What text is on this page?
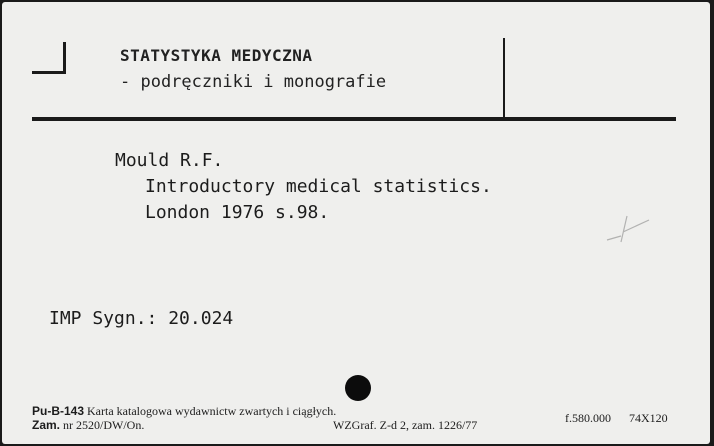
STATYSTYKA MEDYCZNA
- podręczniki i monografie
Mould R.F.
Introductory medical statistics.
London 1976 s.98.
IMP Sygn.: 20.024
Pu-B-143 Karta katalogowa wydawnictw zwartych i ciągłych.
Zam. nr 2520/DW/On.	WZGraf. Z-d 2, zam. 1226/77	f.580.000 74X120
